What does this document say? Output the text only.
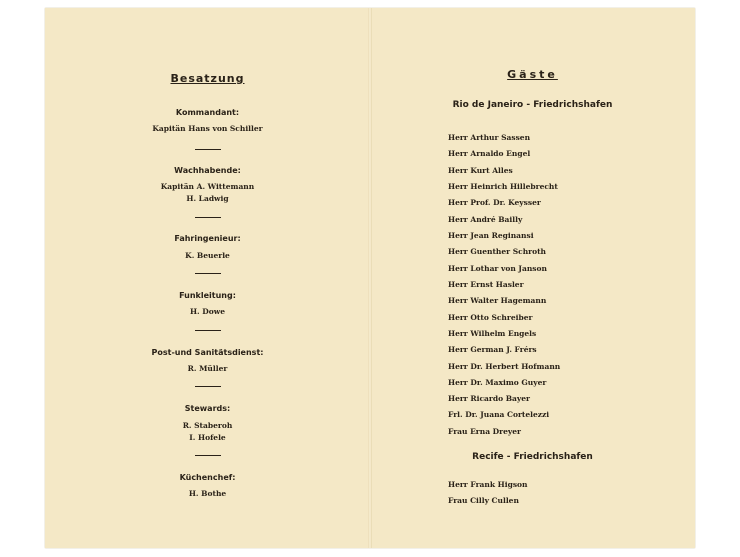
Besatzung
Kommandant:
Kapitän Hans von Schiller
Wachhabende:
Kapitän A. Wittemann
H. Ladwig
Fahringenieur:
K. Beuerle
Funkleitung:
H. Dowe
Post-und Sanitätsdienst:
R. Müller
Stewards:
R. Staberoh
I. Hofele
Küchenchef:
H. Bothe
Gäste
Rio de Janeiro - Friedrichshafen
Herr Arthur Sassen
Herr Arnaldo Engel
Herr Kurt Alles
Herr Heinrich Hillebrecht
Herr Prof. Dr. Keysser
Herr André Bailly
Herr Jean Reginansi
Herr Guenther Schroth
Herr Lothar von Janson
Herr Ernst Hasler
Herr Walter Hagemann
Herr Otto Schreiber
Herr Wilhelm Engels
Herr German J. Frérs
Herr Dr. Herbert Hofmann
Herr Dr. Maximo Guyer
Herr Ricardo Bayer
Frl. Dr. Juana Cortelezzi
Frau Erna Dreyer
Recife - Friedrichshafen
Herr Frank Higson
Frau Cilly Cullen
